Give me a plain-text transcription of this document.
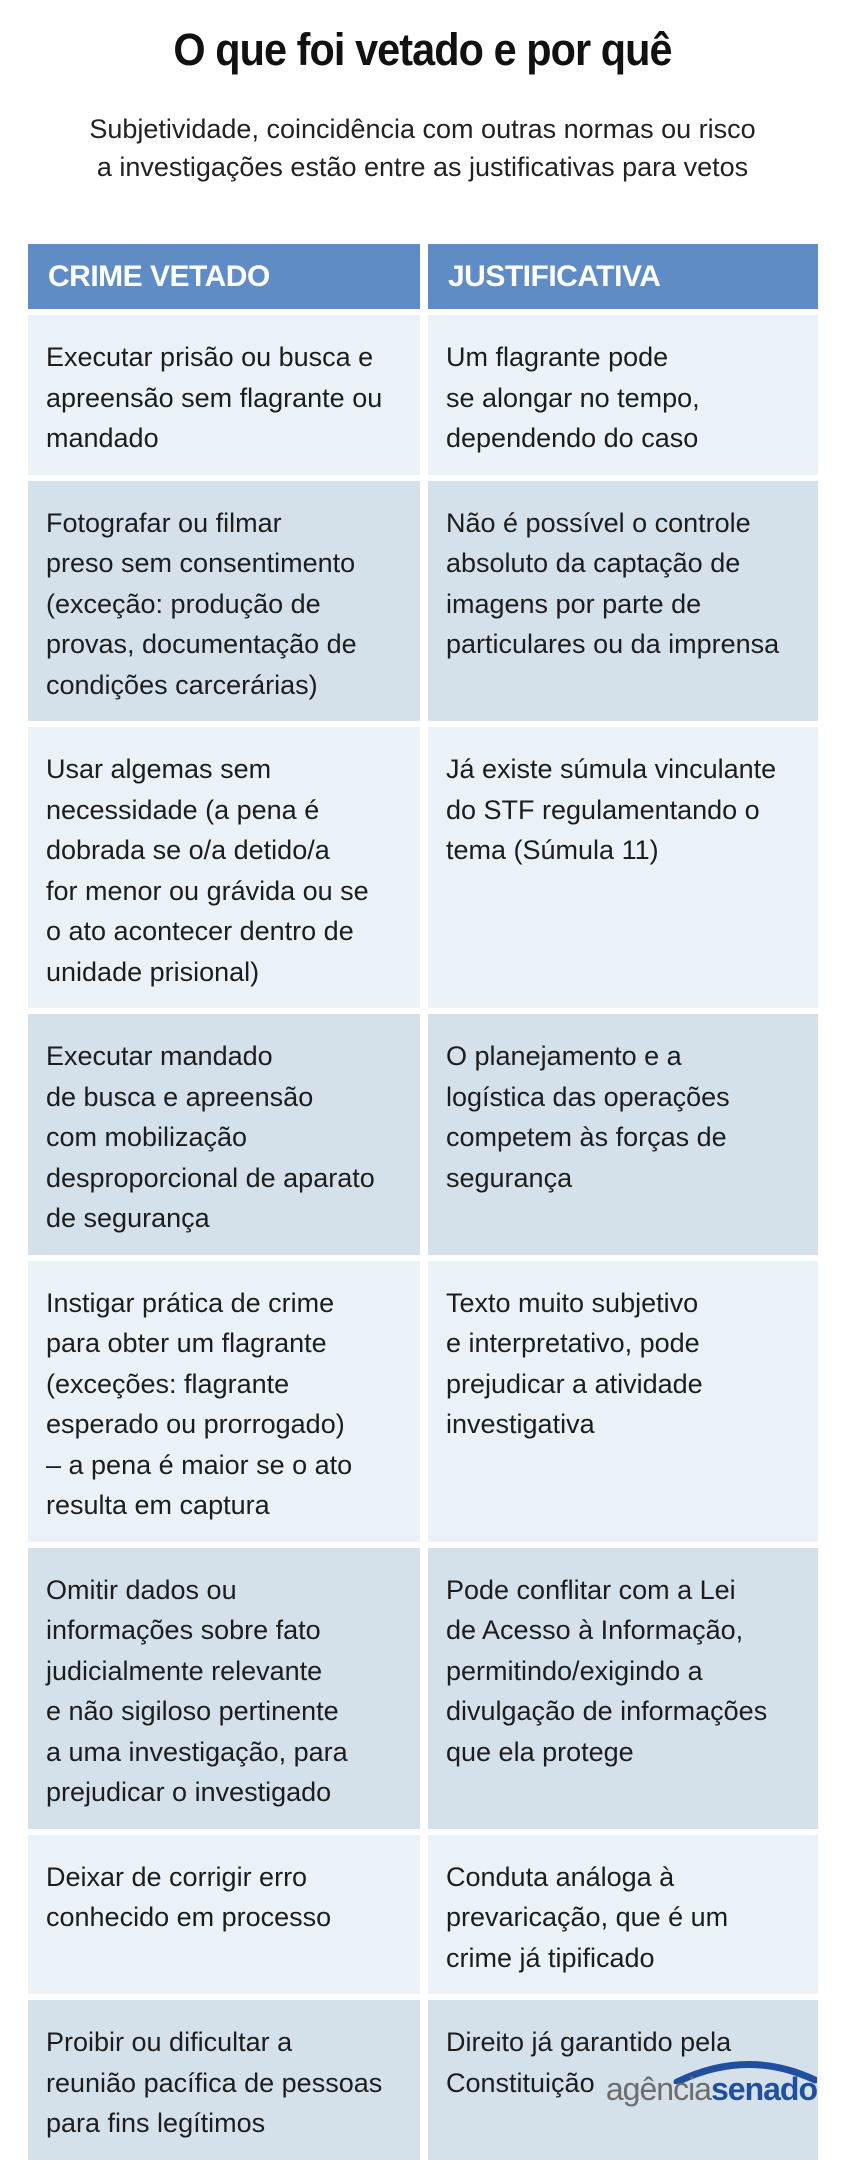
O que foi vetado e por quê
Subjetividade, coincidência com outras normas ou risco
a investigações estão entre as justificativas para vetos
CRIME VETADO	JUSTIFICATIVA
Executar prisão ou busca e
apreensão sem flagrante ou
mandado
Um flagrante pode
se alongar no tempo,
dependendo do caso
Fotografar ou filmar
preso sem consentimento
(exceção: produção de
provas, documentação de
condições carcerárias)
Não é possível o controle
absoluto da captação de
imagens por parte de
particulares ou da imprensa
Usar algemas sem
necessidade (a pena é
dobrada se o/a detido/a
for menor ou grávida ou se
o ato acontecer dentro de
unidade prisional)
Já existe súmula vinculante
do STF regulamentando o
tema (Súmula 11)
Executar mandado
de busca e apreensão
com mobilização
desproporcional de aparato
de segurança
O planejamento e a
logística das operações
competem às forças de
segurança
Instigar prática de crime
para obter um flagrante
(exceções: flagrante
esperado ou prorrogado)
– a pena é maior se o ato
resulta em captura
Texto muito subjetivo
e interpretativo, pode
prejudicar a atividade
investigativa
Omitir dados ou
informações sobre fato
judicialmente relevante
e não sigiloso pertinente
a uma investigação, para
prejudicar o investigado
Pode conflitar com a Lei
de Acesso à Informação,
permitindo/exigindo a
divulgação de informações
que ela protege
Deixar de corrigir erro
conhecido em processo
Conduta análoga à
prevaricação, que é um
crime já tipificado
Proibir ou dificultar a
reunião pacífica de pessoas
para fins legítimos
Direito já garantido pela
Constituição agênciasenado
